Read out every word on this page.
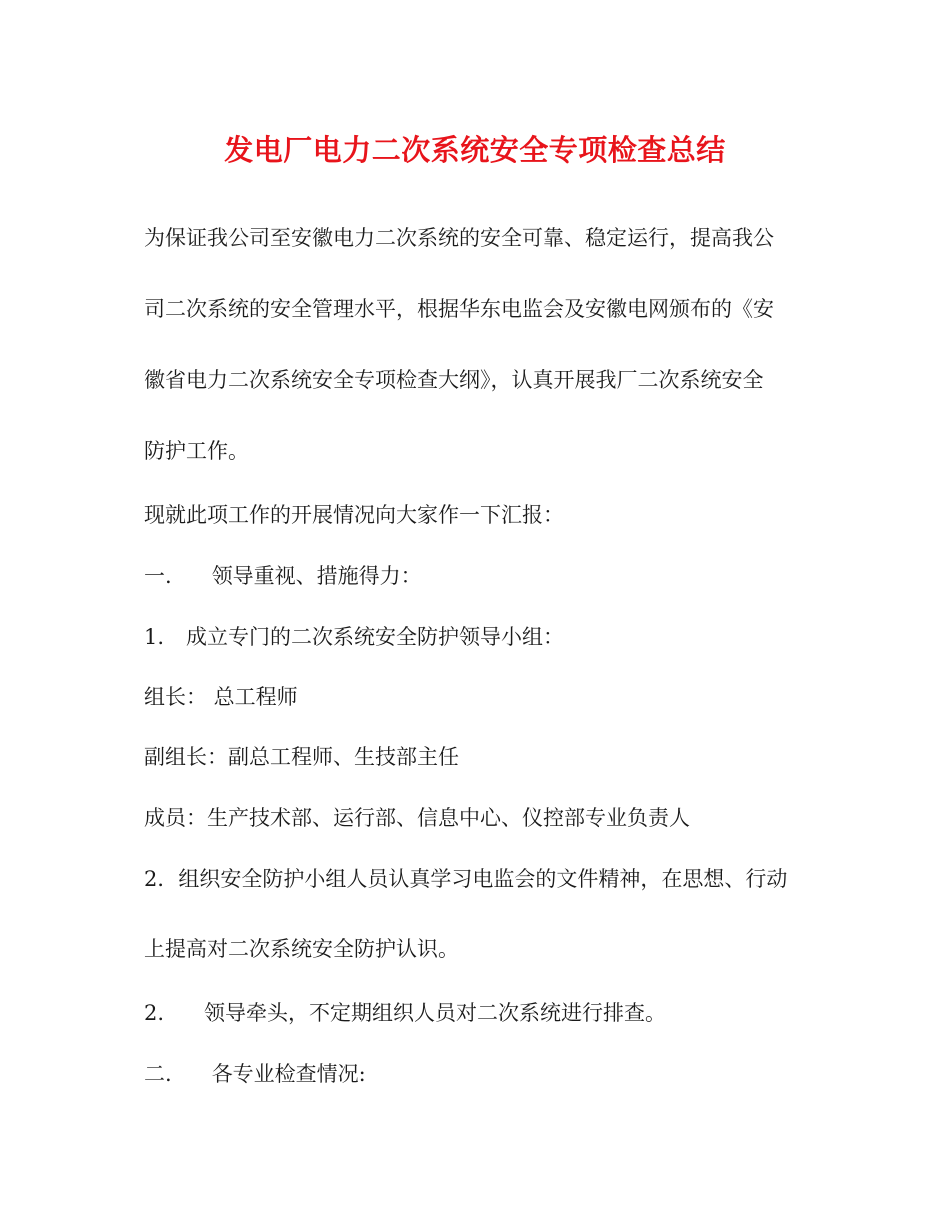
发电厂电力二次系统安全专项检查总结
为保证我公司至安徽电力二次系统的安全可靠、稳定运行，提高我公
司二次系统的安全管理水平，根据华东电监会及安徽电网颁布的《安
徽省电力二次系统安全专项检查大纲》，认真开展我厂二次系统安全
防护工作。
现就此项工作的开展情况向大家作一下汇报：
一. 领导重视、措施得力：
1. 成立专门的二次系统安全防护领导小组：
组长： 总工程师
副组长：副总工程师、生技部主任
成员：生产技术部、运行部、信息中心、仪控部专业负责人
2．组织安全防护小组人员认真学习电监会的文件精神，在思想、行动
上提高对二次系统安全防护认识。
2. 领导牵头，不定期组织人员对二次系统进行排查。
二. 各专业检查情况:
